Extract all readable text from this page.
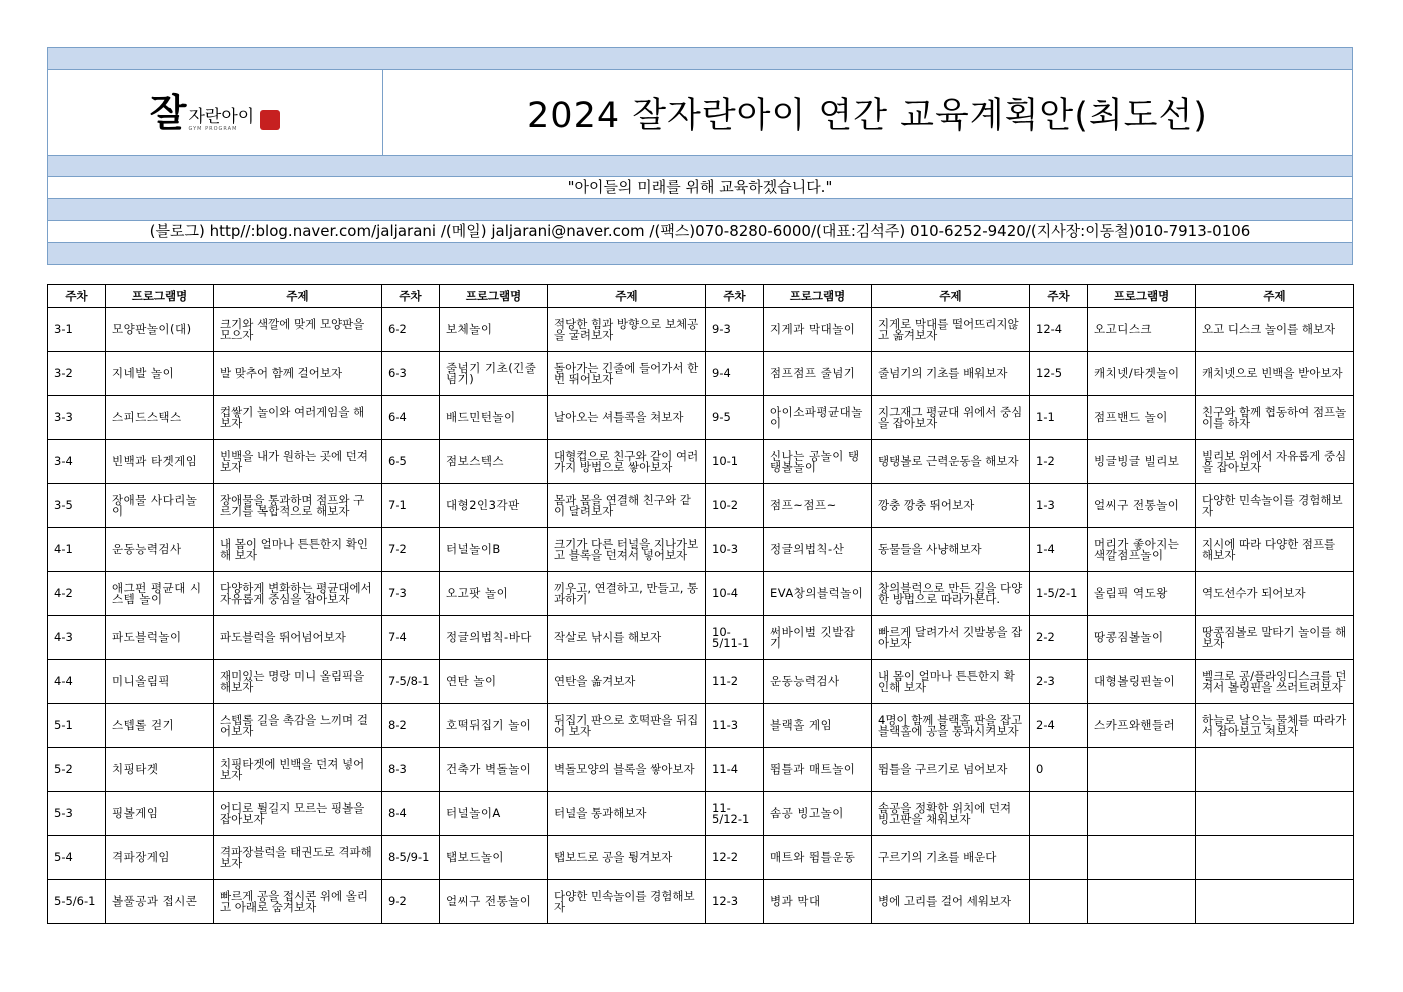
잘 자란아이
GYM PROGRAM	2024 잘자란아이 연간 교육계획안(최도선)
"아이들의 미래를 위해 교육하겠습니다."
(블로그) http//:blog.naver.com/jaljarani /(메일) jaljarani@naver.com /(팩스)070-8280-6000/(대표:김석주) 010-6252-9420/(지사장:이동철)010-7913-0106
주차	프로그램명	주제	주차	프로그램명	주제	주차	프로그램명	주제	주차	프로그램명	주제
3-1	모양판놀이(대)	크기와 색깔에 맞게 모양판을 모으자	6-2	보체놀이	적당한 힘과 방향으로 보체공을 굴려보자	9-3	지게과 막대놀이	지게로 막대를 떨어뜨리지않고 옮겨보자	12-4	오고디스크	오고 디스크 놀이를 해보자
3-2	지네발 놀이	발 맞추어 함께 걸어보자	6-3	줄넘기 기초(긴줄넘기)	돌아가는 긴줄에 들어가서 한번 뛰어보자	9-4	점프점프 줄넘기	줄넘기의 기초를 배워보자	12-5	캐치넷/타겟놀이	캐치넷으로 빈백을 받아보자
3-3	스피드스택스	컵쌓기 놀이와 여러게임을 해보자	6-4	배드민턴놀이	날아오는 셔틀콕을 쳐보자	9-5	아이소파평균대놀이	지그재그 평균대 위에서 중심을 잡아보자	1-1	점프밴드 놀이	친구와 함께 협동하여 점프놀이를 하자
3-4	빈백과 타겟게임	빈백을 내가 원하는 곳에 던져보자	6-5	점보스텍스	대형컵으로 친구와 같이 여러가지 방법으로 쌓아보자	10-1	신나는 공놀이 탱탱볼놀이	탱탱볼로 근력운동을 해보자	1-2	빙글빙글 빌리보	빌리보 위에서 자유롭게 중심을 잡아보자
3-5	장애물 사다리놀이	장애물을 통과하며 점프와 구르기를 복합적으로 해보자	7-1	대형2인3각판	몸과 몸을 연결해 친구와 같이 달려보자	10-2	점프~점프~	깡충 깡충 뛰어보자	1-3	얼씨구 전통놀이	다양한 민속놀이를 경험해보자
4-1	운동능력검사	내 몸이 얼마나 튼튼한지 확인해 보자	7-2	터널놀이B	크기가 다른 터널을 지나가보고 블록을 던져서 넣어보자	10-3	정글의법칙-산	동물들을 사냥해보자	1-4	머리가 좋아지는 색깔점프놀이	지시에 따라 다양한 점프를 해보자
4-2	애그펀 평균대 시스템 놀이	다양하게 변화하는 평균대에서 자유롭게 중심을 잡아보자	7-3	오고팟 놀이	끼우고, 연결하고, 만들고, 통과하기	10-4	EVA창의블럭놀이	창의블럭으로 만든 길을 다양한 방법으로 따라가본다.	1-5/2-1	올림픽 역도왕	역도선수가 되어보자
4-3	파도블럭놀이	파도블럭을 뛰어넘어보자	7-4	정글의법칙-바다	작살로 낚시를 해보자	10-5/11-1	써바이벌 깃발잡기	빠르게 달려가서 깃발봉을 잡아보자	2-2	땅콩짐볼놀이	땅콩짐볼로 말타기 놀이를 해보자
4-4	미니올림픽	재미있는 명랑 미니 올림픽을 해보자	7-5/8-1	연탄 놀이	연탄을 옮겨보자	11-2	운동능력검사	내 몸이 얼마나 튼튼한지 확인해 보자	2-3	대형볼링핀놀이	벨크로 공/플라잉디스크를 던져서 볼링핀을 쓰러트려보자
5-1	스텝롤 걷기	스텝롤 길을 촉감을 느끼며 걸어보자	8-2	호떡뒤집기 놀이	뒤집기 판으로 호떡판을 뒤집어 보자	11-3	블랙홀 게임	4명이 함께 블랙홀 판을 잡고 블랙홀에 공을 통과시켜보자	2-4	스카프와핸들러	하늘로 날으는 물체를 따라가서 잡아보고 쳐보자
5-2	치핑타겟	치핑타겟에 빈백을 던져 넣어보자	8-3	건축가 벽돌놀이	벽돌모양의 블록을 쌓아보자	11-4	뜀틀과 매트놀이	뜀틀을 구르기로 넘어보자	0		
5-3	핑볼게임	어디로 튈길지 모르는 핑볼을 잡아보자	8-4	터널놀이A	터널을 통과해보자	11-5/12-1	솜공 빙고놀이	솜공을 정확한 위치에 던져 빙고판을 채워보자			
5-4	격파장게임	격파장블럭을 태권도로 격파해보자	8-5/9-1	탭보드놀이	탭보드로 공을 튕겨보자	12-2	매트와 뜀틀운동	구르기의 기초를 배운다			
5-5/6-1	볼풀공과 접시콘	빠르게 공을 접시콘 위에 올리고 아래로 숨겨보자	9-2	얼씨구 전통놀이	다양한 민속놀이를 경험해보자	12-3	병과 막대	병에 고리를 걸어 세워보자			
